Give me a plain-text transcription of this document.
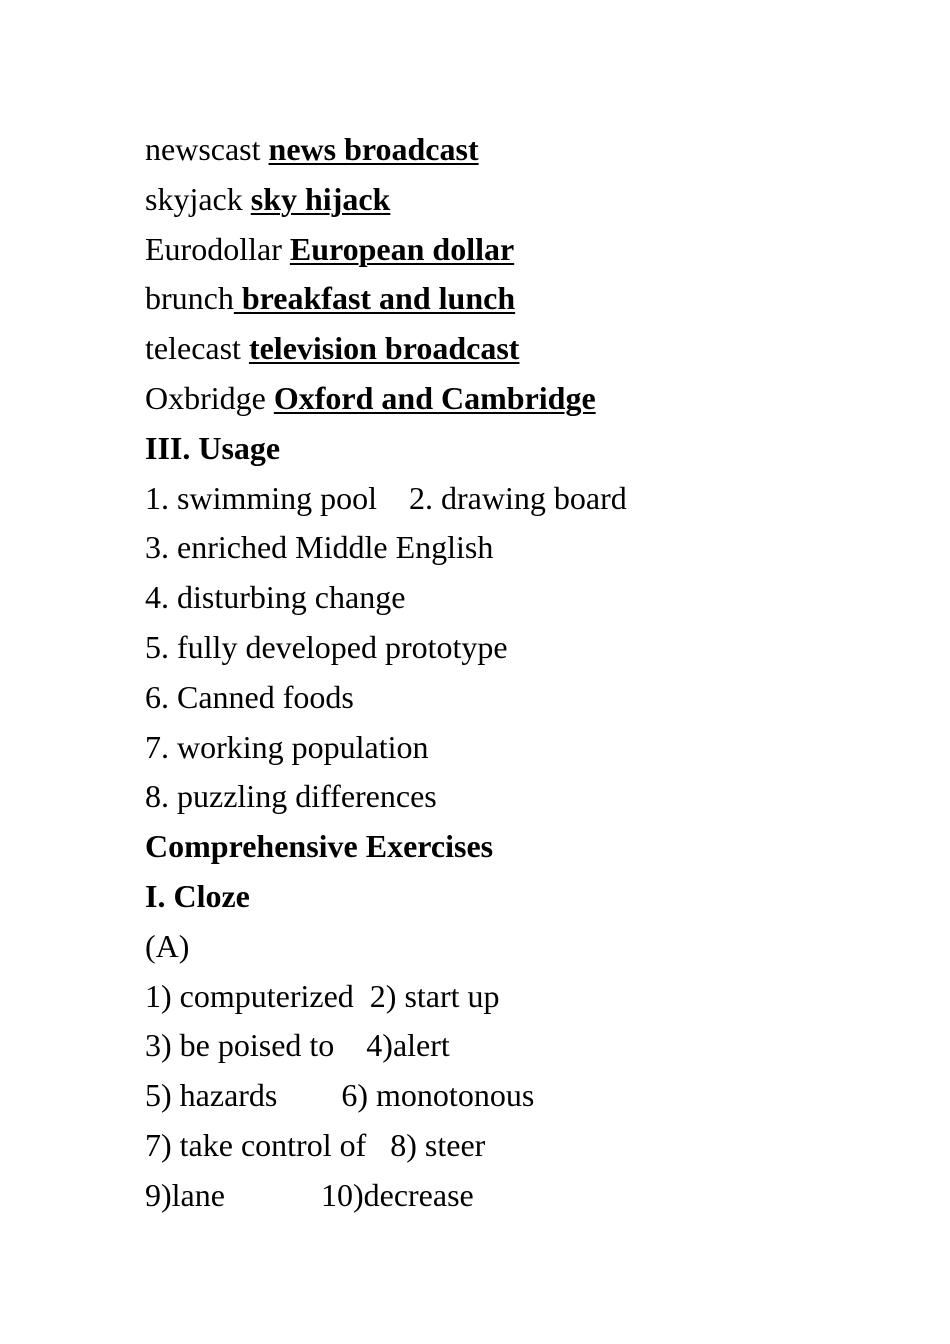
newscast news broadcast
skyjack sky hijack
Eurodollar European dollar
brunch breakfast and lunch
telecast television broadcast
Oxbridge Oxford and Cambridge
III. Usage
1. swimming pool    2. drawing board
3. enriched Middle English
4. disturbing change
5. fully developed prototype
6. Canned foods
7. working population
8. puzzling differences
Comprehensive Exercises
I. Cloze
(A)
1) computerized  2) start up
3) be poised to    4)alert
5) hazards        6) monotonous
7) take control of   8) steer
9)lane            10)decrease
